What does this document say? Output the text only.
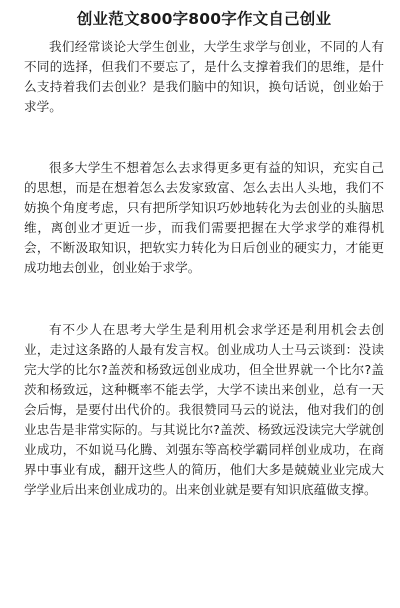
创业范文800字800字作文自己创业

我们经常谈论大学生创业，大学生求学与创业，不同的人有不同的选择，但我们不要忘了，是什么支撑着我们的思维，是什么支持着我们去创业？是我们脑中的知识，换句话说，创业始于求学。

很多大学生不想着怎么去求得更多更有益的知识，充实自己的思想，而是在想着怎么去发家致富、怎么去出人头地，我们不妨换个角度考虑，只有把所学知识巧妙地转化为去创业的头脑思维，离创业才更近一步，而我们需要把握在大学求学的难得机会，不断汲取知识，把软实力转化为日后创业的硬实力，才能更成功地去创业，创业始于求学。

有不少人在思考大学生是利用机会求学还是利用机会去创业，走过这条路的人最有发言权。创业成功人士马云谈到：没读完大学的比尔?盖茨和杨致远创业成功，但全世界就一个比尔?盖茨和杨致远，这种概率不能去学，大学不读出来创业，总有一天会后悔，是要付出代价的。我很赞同马云的说法，他对我们的创业忠告是非常实际的。与其说比尔?盖茨、杨致远没读完大学就创业成功，不如说马化腾、刘强东等高校学霸同样创业成功，在商界中事业有成，翻开这些人的简历，他们大多是兢兢业业完成大学学业后出来创业成功的。出来创业就是要有知识底蕴做支撑。
